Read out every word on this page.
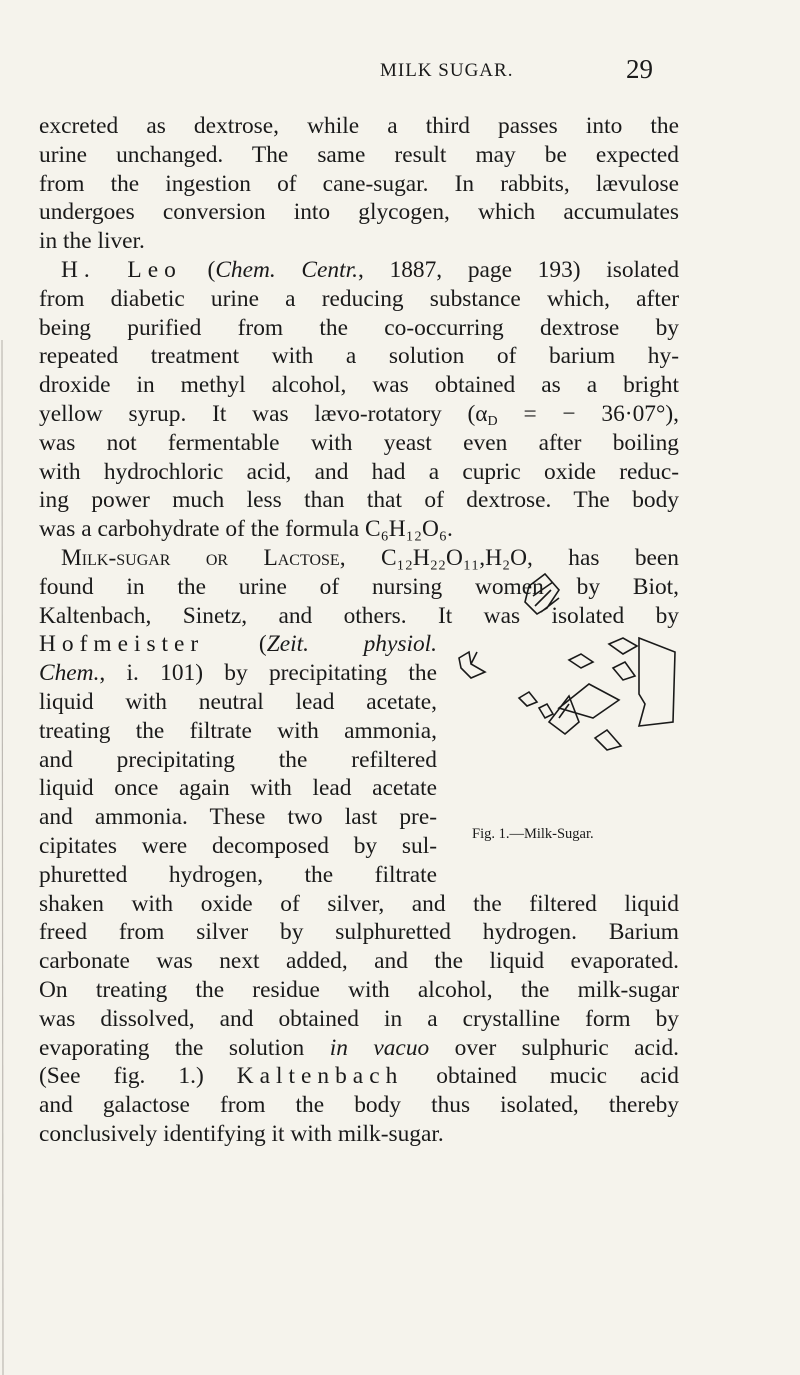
MILK SUGAR.	29
excreted as dextrose, while a third passes into the
urine unchanged. The same result may be expected
from the ingestion of cane-sugar. In rabbits, lævulose
undergoes conversion into glycogen, which accumulates
in the liver.
H. Leo (Chem. Centr., 1887, page 193) isolated
from diabetic urine a reducing substance which, after
being purified from the co-occurring dextrose by
repeated treatment with a solution of barium hy-
droxide in methyl alcohol, was obtained as a bright
yellow syrup. It was lævo-rotatory ($\alpha_D$ = − 36·07°),
was not fermentable with yeast even after boiling
with hydrochloric acid, and had a cupric oxide reduc-
ing power much less than that of dextrose. The body
was a carbohydrate of the formula C₆H₁₂O₆.
Milk-sugar or Lactose, C₁₂H₂₂O₁₁,H₂O, has been
found in the urine of nursing women by Biot,
Kaltenbach, Sinetz, and others. It was isolated by
Hofmeister (Zeit. physiol.
Chem., i. 101) by precipitating the
liquid with neutral lead acetate,
treating the filtrate with ammonia,
and precipitating the refiltered
liquid once again with lead acetate
and ammonia. These two last pre-
cipitates were decomposed by sul-
phuretted hydrogen, the filtrate
shaken with oxide of silver, and the filtered liquid
freed from silver by sulphuretted hydrogen. Barium
carbonate was next added, and the liquid evaporated.
On treating the residue with alcohol, the milk-sugar
was dissolved, and obtained in a crystalline form by
evaporating the solution in vacuo over sulphuric acid.
(See fig. 1.) Kaltenbach obtained mucic acid
and galactose from the body thus isolated, thereby
conclusively identifying it with milk-sugar.
Fig. 1.—Milk-Sugar.
